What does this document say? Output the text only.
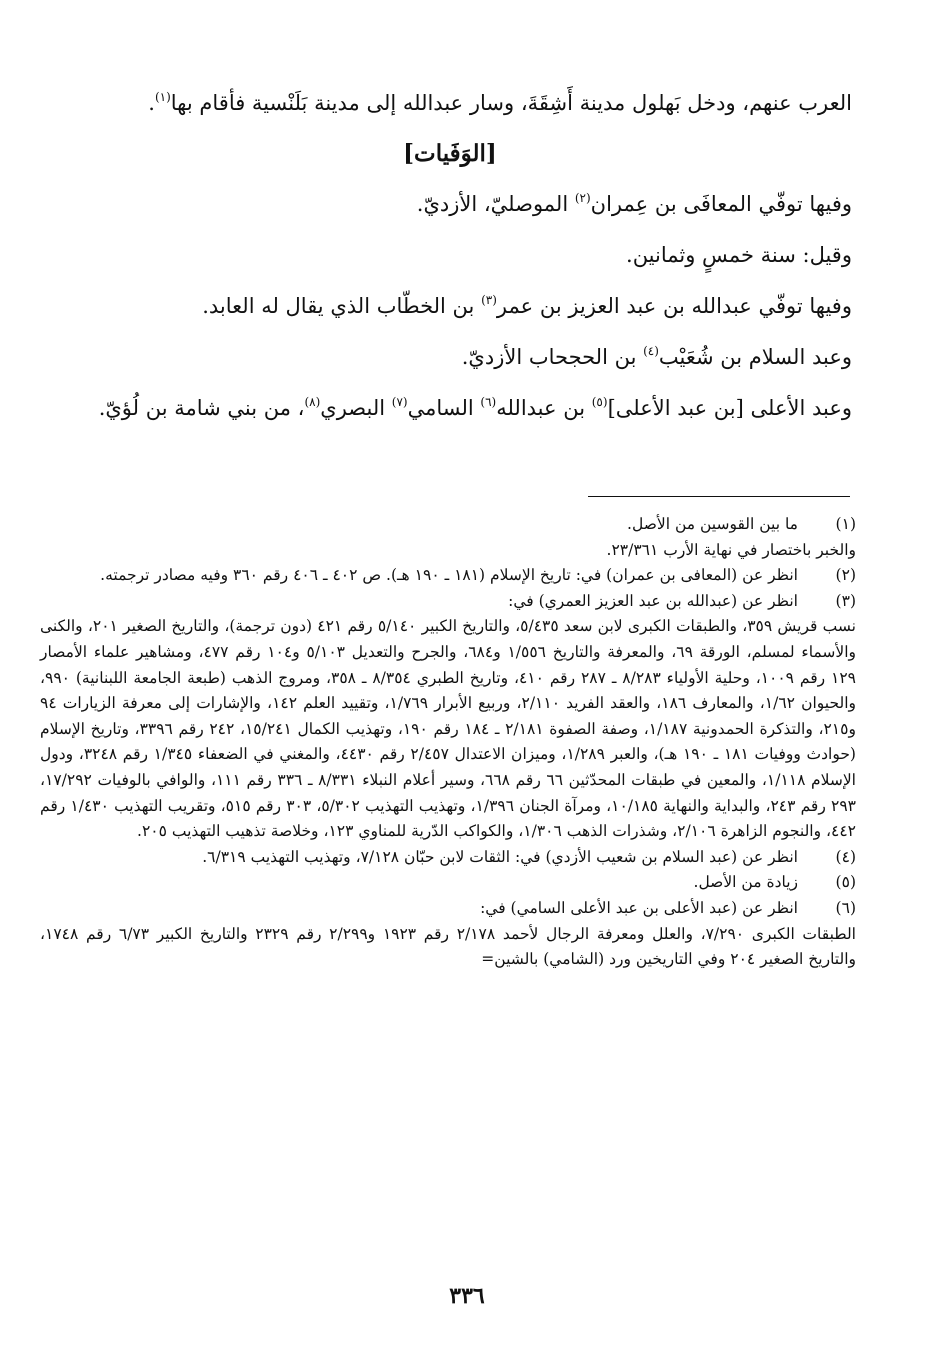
العرب عنهم، ودخل بَهلول مدينة أَشِقَةَ، وسار عبدالله إلى مدينة بَلَنْسية فأقام بها$^{(١)}$.

[الوَفَيات]

وفيها توفّي المعافَى بن عِمران$^{(٢)}$ الموصليّ، الأزديّ.

وقيل: سنة خمسٍ وثمانين.

وفيها توفّي عبدالله بن عبد العزيز بن عمر$^{(٣)}$ بن الخطّاب الذي يقال له العابد.

وعبد السلام بن شُعَيْب$^{(٤)}$ بن الحجحاب الأزديّ.

وعبد الأعلى [بن عبد الأعلى]$^{(٥)}$ بن عبدالله$^{(٦)}$ السامي$^{(٧)}$ البصري$^{(٨)}$، من بني شامة بن لُؤيّ.

(١)

ما بين القوسين من الأصل.

والخبر باختصار في نهاية الأرب ٢٣/٣٦١.

(٢)

انظر عن (المعافى بن عمران) في: تاريخ الإسلام (١٨١ ـ ١٩٠ هـ). ص ٤٠٢ ـ ٤٠٦ رقم ٣٦٠ وفيه مصادر ترجمته.

(٣)

انظر عن (عبدالله بن عبد العزيز العمري) في:

نسب قريش ٣٥٩، والطبقات الكبرى لابن سعد ٥/٤٣٥، والتاريخ الكبير ٥/١٤٠ رقم ٤٢١ (دون ترجمة)، والتاريخ الصغير ٢٠١، والكنى والأسماء لمسلم، الورقة ٦٩، والمعرفة والتاريخ ١/٥٥٦ و٦٨٤، والجرح والتعديل ٥/١٠٣ و١٠٤ رقم ٤٧٧، ومشاهير علماء الأمصار ١٢٩ رقم ١٠٠٩، وحلية الأولياء ٨/٢٨٣ ـ ٢٨٧ رقم ٤١٠، وتاريخ الطبري ٨/٣٥٤ ـ ٣٥٨، ومروج الذهب (طبعة الجامعة اللبنانية) ٩٩٠، والحيوان ١/٦٢، والمعارف ١٨٦، والعقد الفريد ٢/١١٠، وربيع الأبرار ١/٧٦٩، وتقييد العلم ١٤٢، والإشارات إلى معرفة الزيارات ٩٤ و٢١٥، والتذكرة الحمدونية ١/١٨٧، وصفة الصفوة ٢/١٨١ ـ ١٨٤ رقم ١٩٠، وتهذيب الكمال ١٥/٢٤١، ٢٤٢ رقم ٣٣٩٦، وتاريخ الإسلام (حوادث ووفيات ١٨١ ـ ١٩٠ هـ)، والعبر ١/٢٨٩، وميزان الاعتدال ٢/٤٥٧ رقم ٤٤٣٠، والمغني في الضعفاء ١/٣٤٥ رقم ٣٢٤٨، ودول الإسلام ١/١١٨، والمعين في طبقات المحدّثين ٦٦ رقم ٦٦٨، وسير أعلام النبلاء ٨/٣٣١ ـ ٣٣٦ رقم ١١١، والوافي بالوفيات ١٧/٢٩٢، ٢٩٣ رقم ٢٤٣، والبداية والنهاية ١٠/١٨٥، ومرآة الجنان ١/٣٩٦، وتهذيب التهذيب ٥/٣٠٢، ٣٠٣ رقم ٥١٥، وتقريب التهذيب ١/٤٣٠ رقم ٤٤٢، والنجوم الزاهرة ٢/١٠٦، وشذرات الذهب ١/٣٠٦، والكواكب الدّرية للمناوي ١٢٣، وخلاصة تذهيب التهذيب ٢٠٥.

(٤)

انظر عن (عبد السلام بن شعيب الأزدي) في: الثقات لابن حبّان ٧/١٢٨، وتهذيب التهذيب ٦/٣١٩.

(٥)

زيادة من الأصل.

(٦)

انظر عن (عبد الأعلى بن عبد الأعلى السامي) في:

الطبقات الكبرى ٧/٢٩٠، والعلل ومعرفة الرجال لأحمد ٢/١٧٨ رقم ١٩٢٣ و٢/٢٩٩ رقم ٢٣٢٩ والتاريخ الكبير ٦/٧٣ رقم ١٧٤٨، والتاريخ الصغير ٢٠٤ وفي التاريخين ورد (الشامي) بالشين=

٣٣٦
